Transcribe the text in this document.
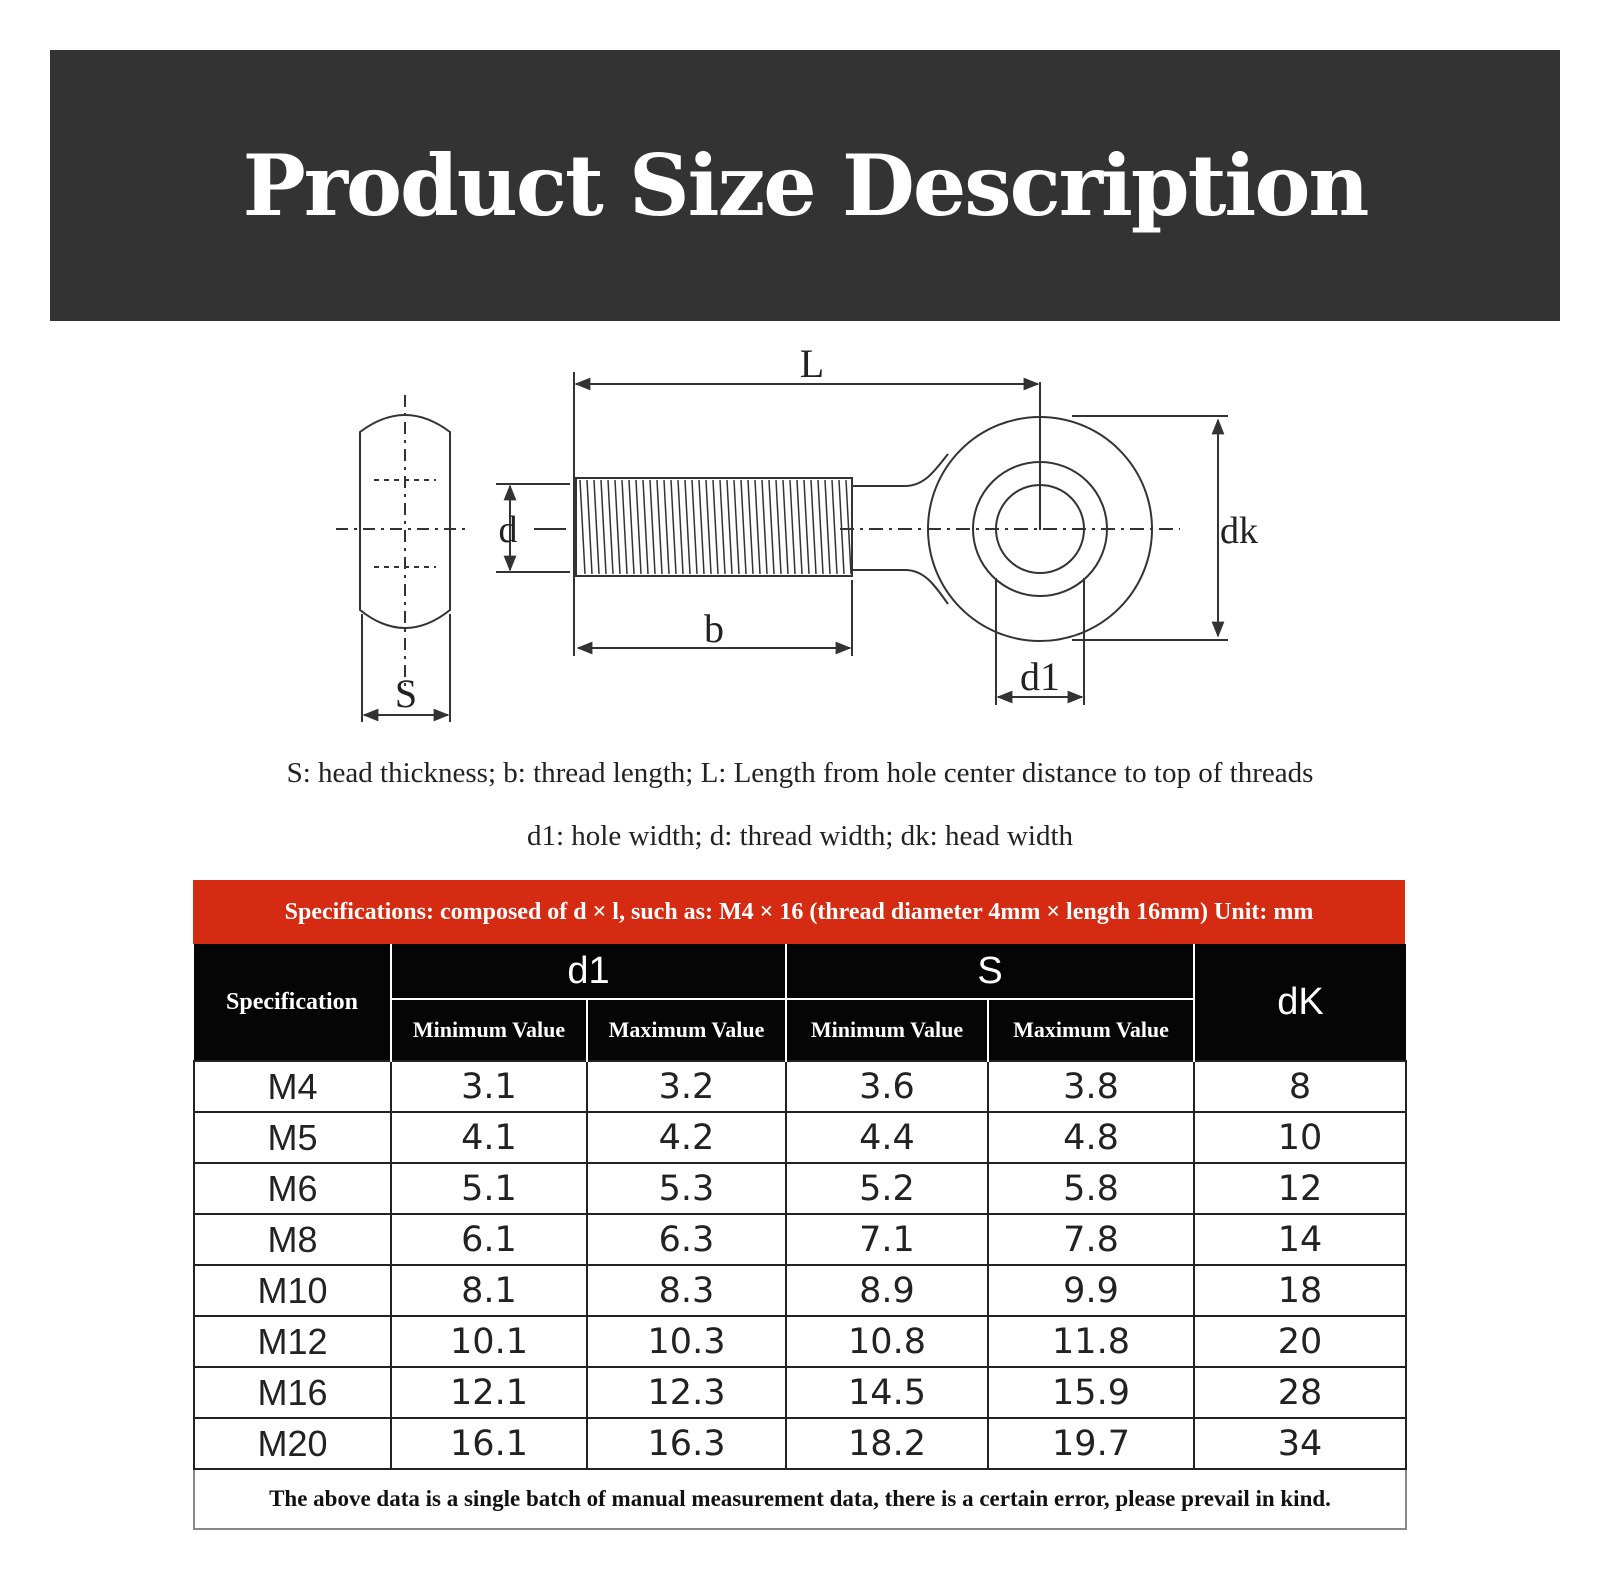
Product Size Description
L
d	dk
b
d1
S
S: head thickness; b: thread length; L: Length from hole center distance to top of threads
d1: hole width; d: thread width; dk: head width
Specifications: composed of d × l, such as: M4 × 16 (thread diameter 4mm × length 16mm) Unit: mm
Specification	d1		S		dK
	Minimum Value	Maximum Value	Minimum Value	Maximum Value	
M4	3.1	3.2	3.6	3.8	8
M5	4.1	4.2	4.4	4.8	10
M6	5.1	5.3	5.2	5.8	12
M8	6.1	6.3	7.1	7.8	14
M10	8.1	8.3	8.9	9.9	18
M12	10.1	10.3	10.8	11.8	20
M16	12.1	12.3	14.5	15.9	28
M20	16.1	16.3	18.2	19.7	34
The above data is a single batch of manual measurement data, there is a certain error, please prevail in kind.					
